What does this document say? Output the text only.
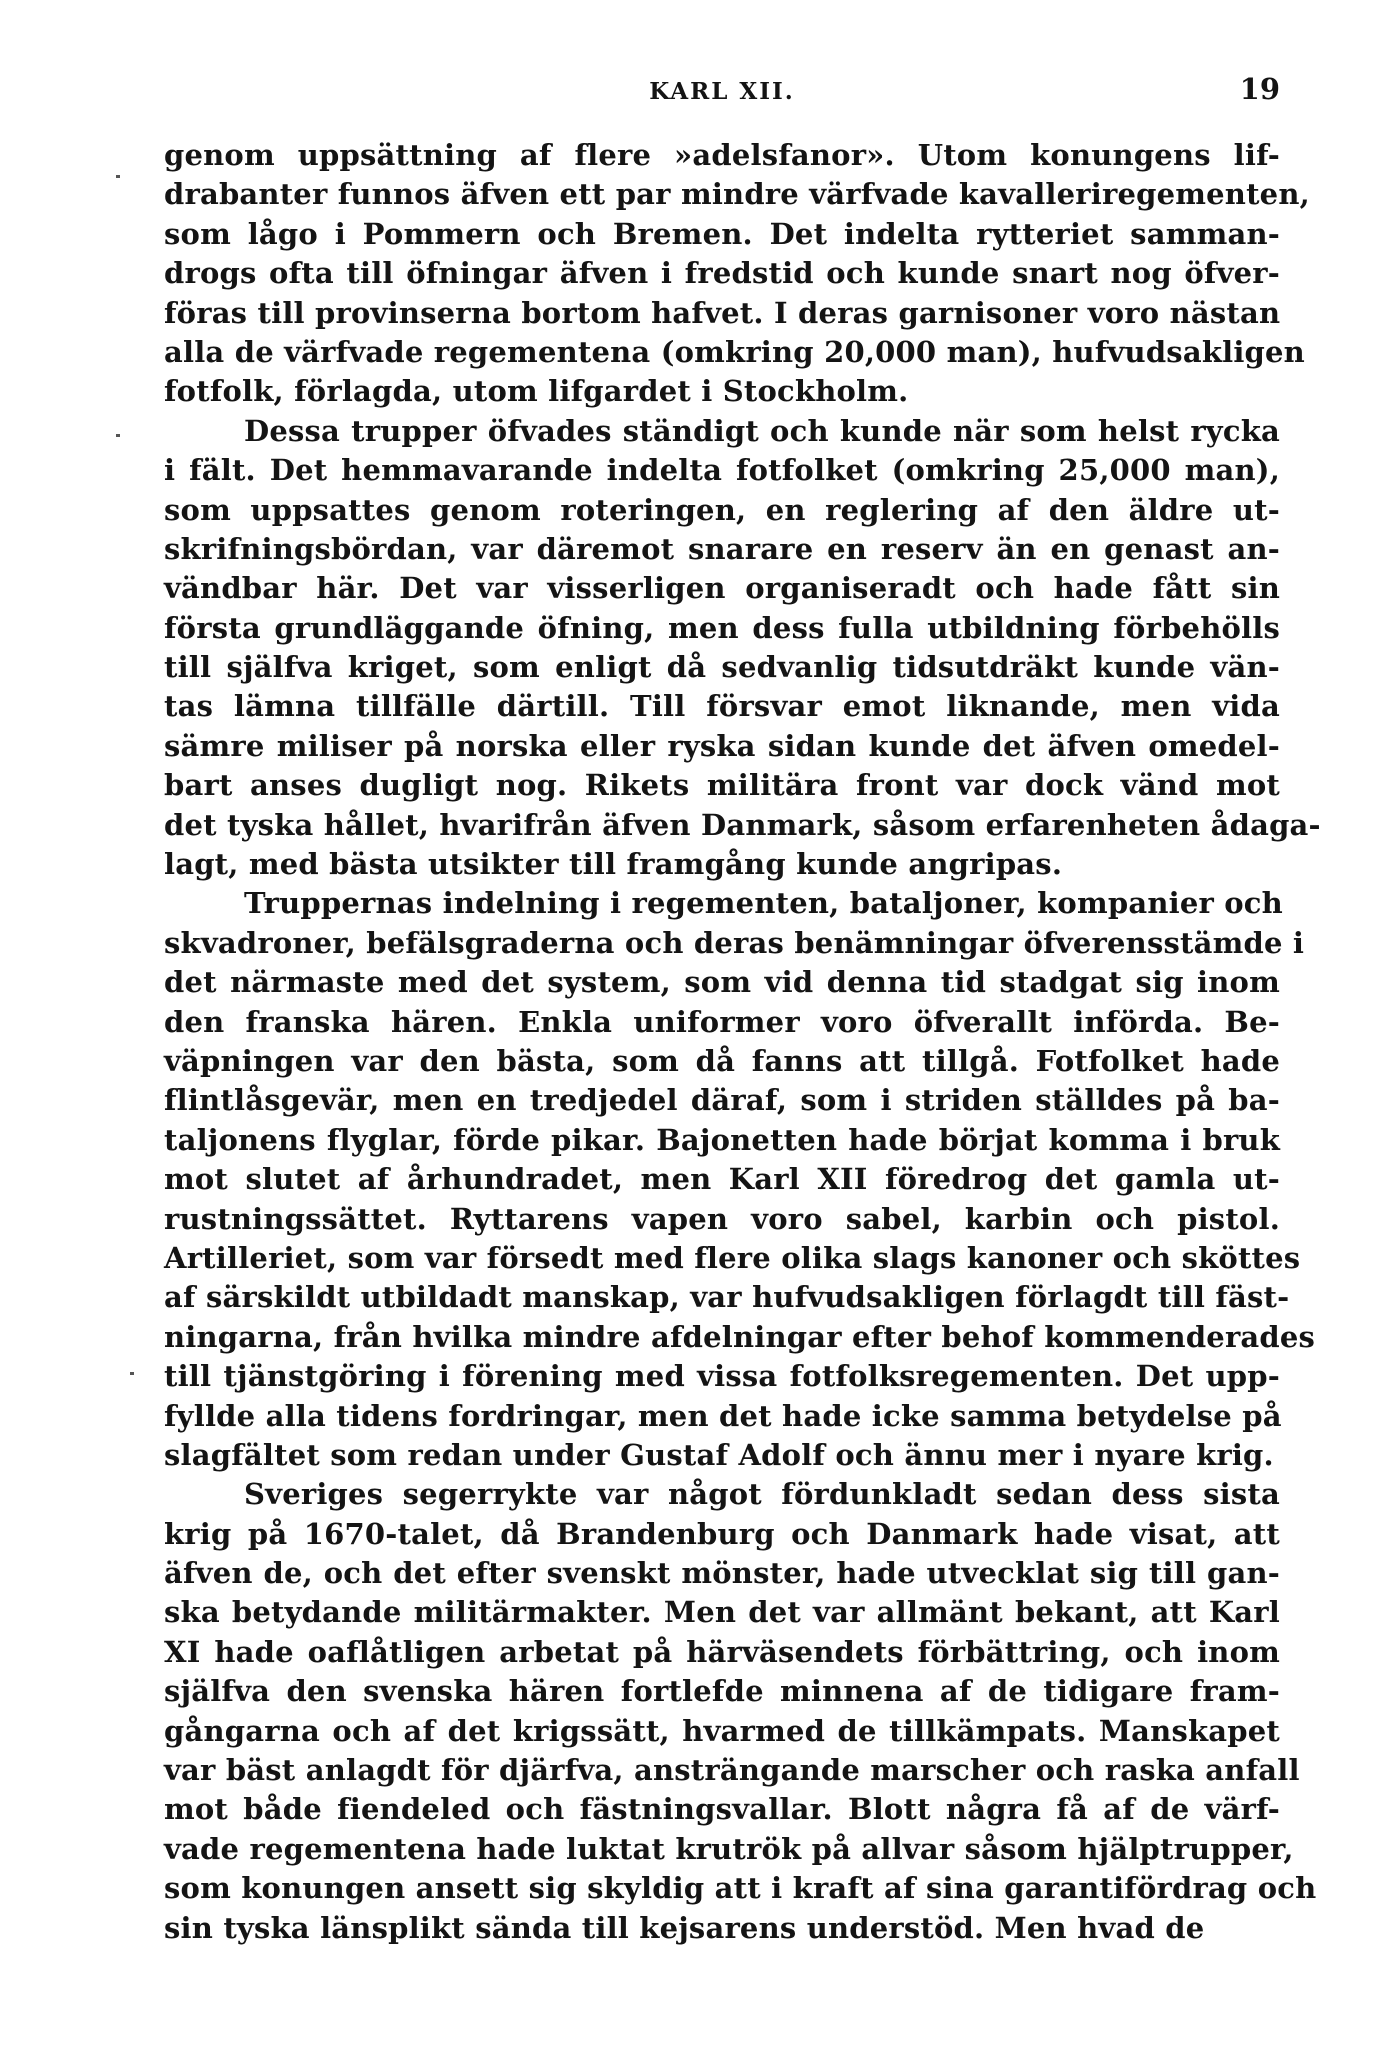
KARL XII.	19
genom uppsättning af flere »adelsfanor». Utom konungens lif-
drabanter funnos äfven ett par mindre värfvade kavalleriregementen,
som lågo i Pommern och Bremen. Det indelta rytteriet samman-
drogs ofta till öfningar äfven i fredstid och kunde snart nog öfver-
föras till provinserna bortom hafvet. I deras garnisoner voro nästan
alla de värfvade regementena (omkring 20,000 man), hufvudsakligen
fotfolk, förlagda, utom lifgardet i Stockholm.
Dessa trupper öfvades ständigt och kunde när som helst rycka
i fält. Det hemmavarande indelta fotfolket (omkring 25,000 man),
som uppsattes genom roteringen, en reglering af den äldre ut-
skrifningsbördan, var däremot snarare en reserv än en genast an-
vändbar här. Det var visserligen organiseradt och hade fått sin
första grundläggande öfning, men dess fulla utbildning förbehölls
till själfva kriget, som enligt då sedvanlig tidsutdräkt kunde vän-
tas lämna tillfälle därtill. Till försvar emot liknande, men vida
sämre miliser på norska eller ryska sidan kunde det äfven omedel-
bart anses dugligt nog. Rikets militära front var dock vänd mot
det tyska hållet, hvarifrån äfven Danmark, såsom erfarenheten ådaga-
lagt, med bästa utsikter till framgång kunde angripas.
Truppernas indelning i regementen, bataljoner, kompanier och
skvadroner, befälsgraderna och deras benämningar öfverensstämde i
det närmaste med det system, som vid denna tid stadgat sig inom
den franska hären. Enkla uniformer voro öfverallt införda. Be-
väpningen var den bästa, som då fanns att tillgå. Fotfolket hade
flintlåsgevär, men en tredjedel däraf, som i striden ställdes på ba-
taljonens flyglar, förde pikar. Bajonetten hade börjat komma i bruk
mot slutet af århundradet, men Karl XII föredrog det gamla ut-
rustningssättet. Ryttarens vapen voro sabel, karbin och pistol.
Artilleriet, som var försedt med flere olika slags kanoner och sköttes
af särskildt utbildadt manskap, var hufvudsakligen förlagdt till fäst-
ningarna, från hvilka mindre afdelningar efter behof kommenderades
till tjänstgöring i förening med vissa fotfolksregementen. Det upp-
fyllde alla tidens fordringar, men det hade icke samma betydelse på
slagfältet som redan under Gustaf Adolf och ännu mer i nyare krig.
Sveriges segerrykte var något fördunkladt sedan dess sista
krig på 1670-talet, då Brandenburg och Danmark hade visat, att
äfven de, och det efter svenskt mönster, hade utvecklat sig till gan-
ska betydande militärmakter. Men det var allmänt bekant, att Karl
XI hade oaflåtligen arbetat på härväsendets förbättring, och inom
själfva den svenska hären fortlefde minnena af de tidigare fram-
gångarna och af det krigssätt, hvarmed de tillkämpats. Manskapet
var bäst anlagdt för djärfva, ansträngande marscher och raska anfall
mot både fiendeled och fästningsvallar. Blott några få af de värf-
vade regementena hade luktat krutrök på allvar såsom hjälptrupper,
som konungen ansett sig skyldig att i kraft af sina garantifördrag och
sin tyska länsplikt sända till kejsarens understöd. Men hvad de
